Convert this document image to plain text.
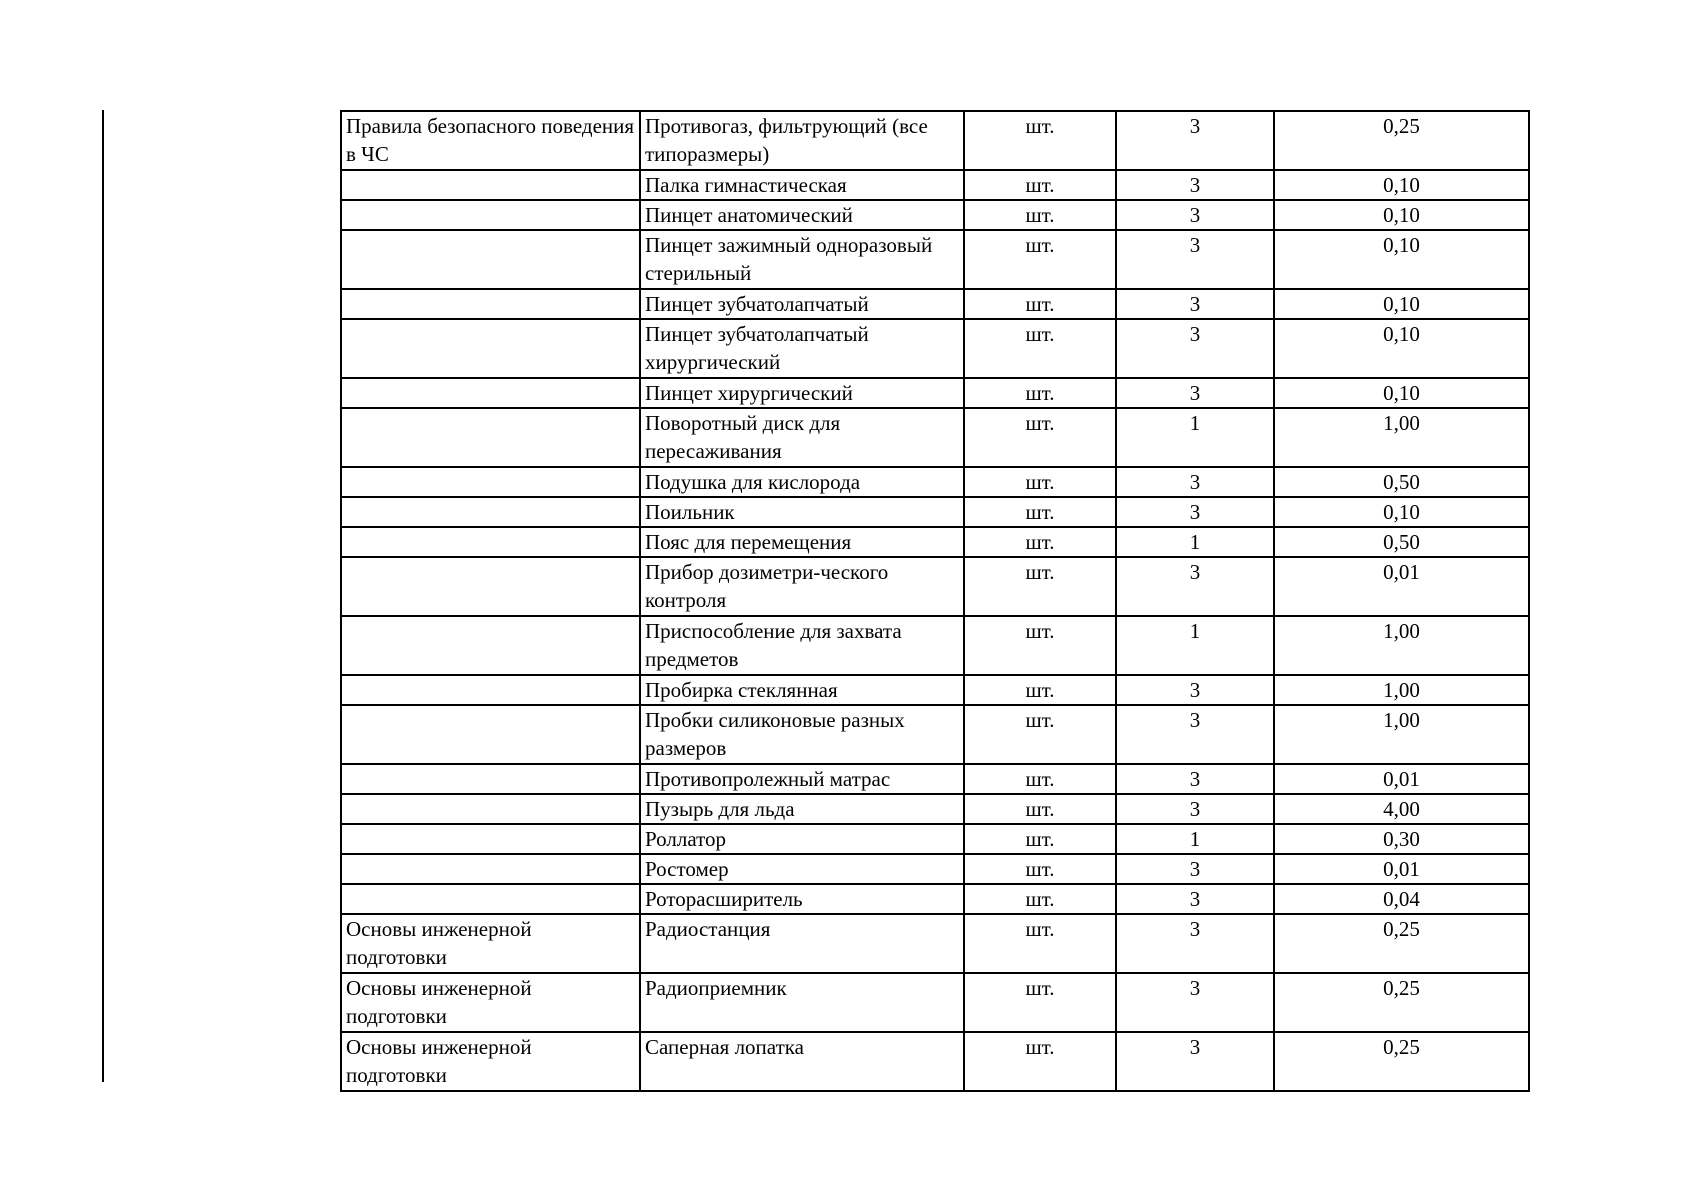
Правила безопасного поведения в ЧС	Противогаз, фильтрующий (все типоразмеры)	шт.	3	0,25
	Палка гимнастическая	шт.	3	0,10
	Пинцет анатомический	шт.	3	0,10
	Пинцет зажимный одноразовый стерильный	шт.	3	0,10
	Пинцет зубчатолапчатый	шт.	3	0,10
	Пинцет зубчатолапчатый хирургический	шт.	3	0,10
	Пинцет хирургический	шт.	3	0,10
	Поворотный диск для пересаживания	шт.	1	1,00
	Подушка для кислорода	шт.	3	0,50
	Поильник	шт.	3	0,10
	Пояс для перемещения	шт.	1	0,50
	Прибор дозиметри-ческого контроля	шт.	3	0,01
	Приспособление для захвата предметов	шт.	1	1,00
	Пробирка стеклянная	шт.	3	1,00
	Пробки силиконовые разных размеров	шт.	3	1,00
	Противопролежный матрас	шт.	3	0,01
	Пузырь для льда	шт.	3	4,00
	Роллатор	шт.	1	0,30
	Ростомер	шт.	3	0,01
	Роторасширитель	шт.	3	0,04
Основы инженерной подготовки	Радиостанция	шт.	3	0,25
Основы инженерной подготовки	Радиоприемник	шт.	3	0,25
Основы инженерной подготовки	Саперная лопатка	шт.	3	0,25
